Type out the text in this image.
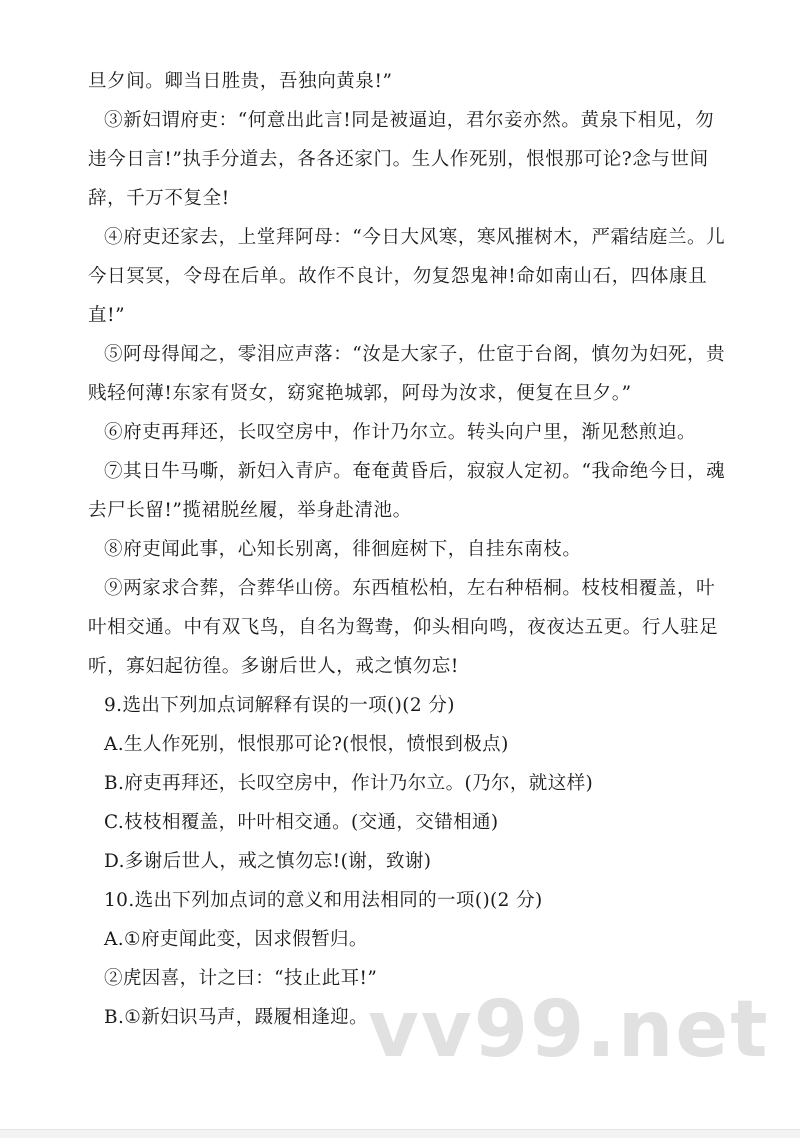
旦夕间。卿当日胜贵，吾独向黄泉!”

③新妇谓府吏：“何意出此言!同是被逼迫，君尔妾亦然。黄泉下相见，勿

违今日言!”执手分道去，各各还家门。生人作死别，恨恨那可论?念与世间

辞，千万不复全!

④府吏还家去，上堂拜阿母：“今日大风寒，寒风摧树木，严霜结庭兰。儿

今日冥冥，令母在后单。故作不良计，勿复怨鬼神!命如南山石，四体康且

直!”

⑤阿母得闻之，零泪应声落：“汝是大家子，仕宦于台阁，慎勿为妇死，贵

贱轻何薄!东家有贤女，窈窕艳城郭，阿母为汝求，便复在旦夕。”

⑥府吏再拜还，长叹空房中，作计乃尔立。转头向户里，渐见愁煎迫。

⑦其日牛马嘶，新妇入青庐。奄奄黄昏后，寂寂人定初。“我命绝今日，魂

去尸长留!”揽裙脱丝履，举身赴清池。

⑧府吏闻此事，心知长别离，徘徊庭树下，自挂东南枝。

⑨两家求合葬，合葬华山傍。东西植松柏，左右种梧桐。枝枝相覆盖，叶

叶相交通。中有双飞鸟，自名为鸳鸯，仰头相向鸣，夜夜达五更。行人驻足

听，寡妇起彷徨。多谢后世人，戒之慎勿忘!

9.选出下列加点词解释有误的一项()(2 分)

A.生人作死别，恨恨那可论?(恨恨，愤恨到极点)

B.府吏再拜还，长叹空房中，作计乃尔立。(乃尔，就这样)

C.枝枝相覆盖，叶叶相交通。(交通，交错相通)

D.多谢后世人，戒之慎勿忘!(谢，致谢)

10.选出下列加点词的意义和用法相同的一项()(2 分)

A.①府吏闻此变，因求假暂归。

②虎因喜，计之曰：“技止此耳!”

B.①新妇识马声，蹑履相逢迎。 vv99.net
